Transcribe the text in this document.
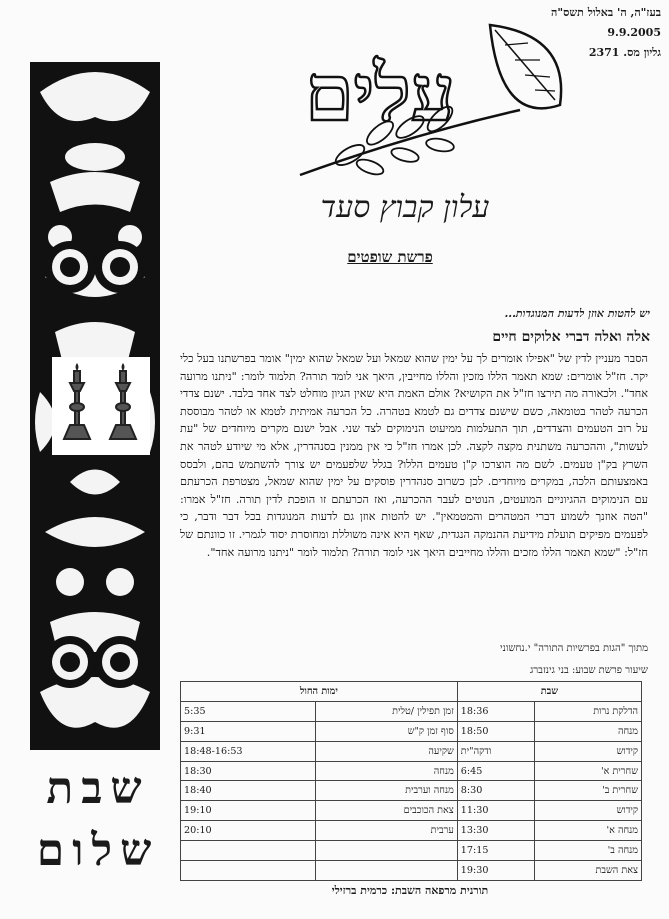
בעז"ה, ה' באלול תשס"ה
9.9.2005
גליון מס. 2371
שבת
שלום
עלים
עלון קבוץ סעד
פרשת שופטים
יש להטות אוזן לדעות המנוגדות...
אלה ואלה דברי אלוקים חיים
הסבר מעניין לדין של "אפילו אומרים לך על ימין שהוא שמאל ועל שמאל שהוא ימין" אומר בפרשתנו בעל כלי יקר. חז"ל אומרים: שמא תאמר הללו מזכין והללו מחייבין, היאך אני לומד תורה? תלמוד לומר: "ניתנו מרועה אחד". ולכאורה מה תירצו חז"ל את הקושיא? אולם האמת היא שאין הגיון מוחלט לצד אחד בלבד. ישנם צדדי הכרעה לטהר בטומאה, כשם שישנם צדדים גם לטמא בטהרה. כל הכרעה אמיתית לטמא או לטהר מבוססת על רוב הטעמים והצדדים, תוך התעלמות ממיעוט הנימוקים לצד שני. אבל ישנם מקרים מיוחדים של "עת לעשות", וההכרעה משתנית מקצה לקצה. לכן אמרו חז"ל כי אין ממנין בסנהדרין, אלא מי שיודע לטהר את השרץ בק"ן טעמים. לשם מה הוצרכו ק"ן טעמים הללו? בגלל שלפעמים יש צורך להשתמש בהם, ולבסס באמצעותם הלכה, במקרים מיוחדים. לכן כשרוב סנהדרין פוסקים על ימין שהוא שמאל, מצטרפת הכרעתם עם הנימוקים ההגיוניים המועטים, הנוטים לעבר ההכרעה, ואז הכרעתם זו הופכת לדין תורה. חז"ל אמרו: "הטה אוזנך לשמוע דברי המטהרים והמטמאין". יש להטות אוזן גם לדעות המנוגדות בכל דבר ודבר, כי לפעמים מפיקים תועלת מידיעת ההנמקה הנגדית, שאף היא אינה משוללת ומחוסרת יסוד לגמרי. זו כוונתם של חז"ל: "שמא תאמר הללו מזכים והללו מחייבים היאך אני לומד תורה? תלמוד לומר "ניתנו מרועה אחד".
מתוך "הגות בפרשיות התורה" י.נחשוני
שיעור פרשת שבוע: בני גינזברג
שבת		ימות החול	
הדלקת נרות	18:36	זמן תפילין /טלית	5:35
מנחה	18:50	סוף זמן ק"ש	9:31
קידוש	ודקה"ית	שקיעה	18:48-16:53
שחרית א'	6:45	מנחה	18:30
שחרית ב'	8:30	מנחה וערבית	18:40
קידוש	11:30	צאת הכוכבים	19:10
מנחה א'	13:30	ערבית	20:10
מנחה ב'	17:15		
צאת השבת	19:30		
תורנית מרפאה השבת: כרמית ברזילי
